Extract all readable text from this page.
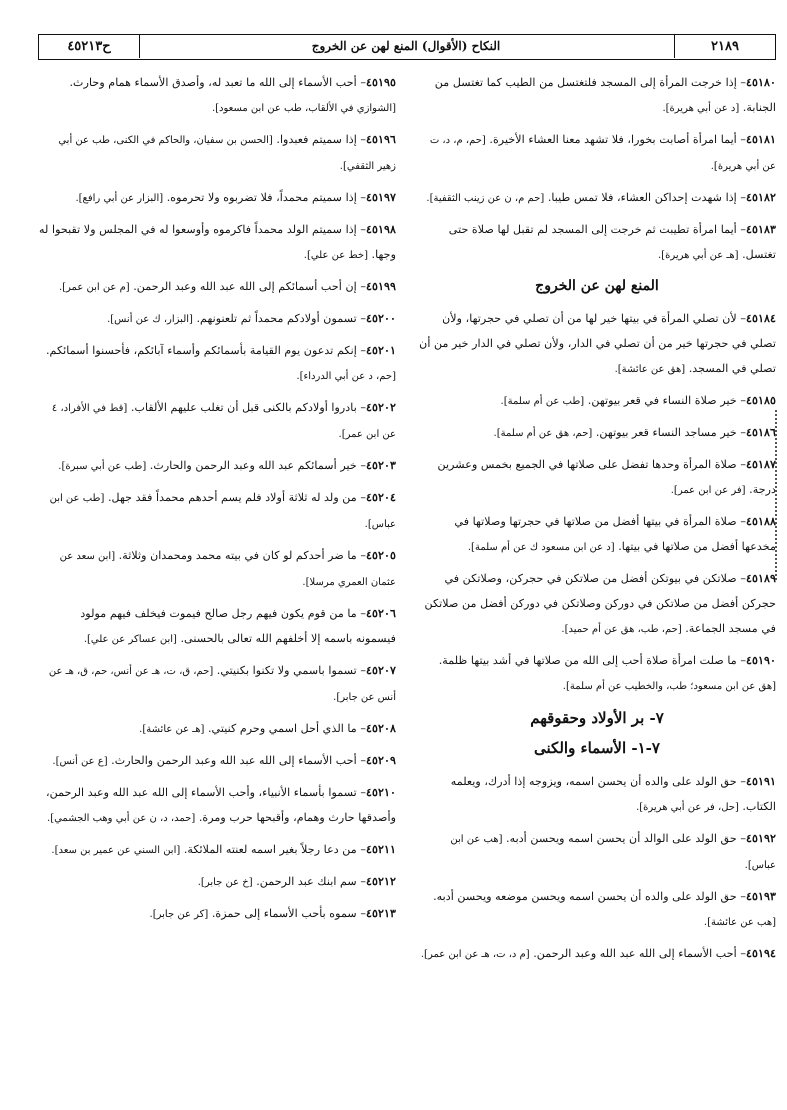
٢١٨٩
النكاح (الأقوال) المنع لهن عن الخروج
ح٤٥٢١٣

٤٥١٨٠– إذا خرجت المرأة إلى المسجد فلتغتسل من الطيب كما تغتسل من الجنابة. [د عن أبي هريرة].

٤٥١٨١– أيما امرأة أصابت بخورا، فلا تشهد معنا العشاء الأخيرة. [حم، م، د، ت عن أبي هريرة].

٤٥١٨٢– إذا شهدت إحداكن العشاء، فلا تمس طيبا. [حم م، ن عن زينب الثقفية].

٤٥١٨٣– أيما امرأة تطيبت ثم خرجت إلى المسجد لم تقبل لها صلاة حتى تغتسل. [هـ عن أبي هريرة].

المنع لهن عن الخروج

٤٥١٨٤– لأن تصلي المرأة في بيتها خير لها من أن تصلي في حجرتها، ولأن تصلي في حجرتها خير من أن تصلي في الدار، ولأن تصلي في الدار خير من أن تصلي في المسجد. [هق عن عائشة].

٤٥١٨٥– خير صلاة النساء في قعر بيوتهن. [طب عن أم سلمة].

٤٥١٨٦– خير مساجد النساء قعر بيوتهن. [حم، هق عن أم سلمة].

٤٥١٨٧– صلاة المرأة وحدها تفضل على صلاتها في الجميع بخمس وعشرين درجة. [فر عن ابن عمر].

٤٥١٨٨– صلاة المرأة في بيتها أفضل من صلاتها في حجرتها وصلاتها في مخدعها أفضل من صلاتها في بيتها. [د عن ابن مسعود ك عن أم سلمة].

٤٥١٨٩– صلاتكن في بيوتكن أفضل من صلاتكن في حجركن، وصلاتكن في حجركن أفضل من صلاتكن في دوركن وصلاتكن في دوركن أفضل من صلاتكن في مسجد الجماعة. [حم، طب، هق عن أم حميد].

٤٥١٩٠– ما صلت امرأة صلاة أحب إلى الله من صلاتها في أشد بيتها ظلمة. [هق عن ابن مسعود؛ طب، والخطيب عن أم سلمة].

٧- بر الأولاد وحقوقهم
٧-١- الأسماء والكنى

٤٥١٩١– حق الولد على والده أن يحسن اسمه، ويزوجه إذا أدرك، ويعلمه الكتاب. [حل، فر عن أبي هريرة].

٤٥١٩٢– حق الولد على الوالد أن يحسن اسمه ويحسن أدبه. [هب عن ابن عباس].

٤٥١٩٣– حق الولد على والده أن يحسن اسمه ويحسن موضعه ويحسن أدبه. [هب عن عائشة].

٤٥١٩٤– أحب الأسماء إلى الله عبد الله وعبد الرحمن. [م د، ت، هـ عن ابن عمر].

٤٥١٩٥– أحب الأسماء إلى الله ما تعبد له، وأصدق الأسماء همام وحارث. [الشوازي في الألقاب، طب عن ابن مسعود].

٤٥١٩٦– إذا سميتم فعبدوا. [الحسن بن سفيان، والحاكم في الكنى، طب عن أبي زهير الثقفي].

٤٥١٩٧– إذا سميتم محمداً، فلا تضربوه ولا تحرموه. [البزار عن أبي رافع].

٤٥١٩٨– إذا سميتم الولد محمداً فاكرموه وأوسعوا له في المجلس ولا تقبحوا له وجها. [خط عن علي].

٤٥١٩٩– إن أحب أسمائكم إلى الله عبد الله وعبد الرحمن. [م عن ابن عمر].

٤٥٢٠٠– تسمون أولادكم محمداً ثم تلعنونهم. [البزار، ك عن أنس].

٤٥٢٠١– إنكم تدعون يوم القيامة بأسمائكم وأسماء آبائكم، فأحسنوا أسمائكم. [حم، د عن أبي الدرداء].

٤٥٢٠٢– بادروا أولادكم بالكنى قبل أن تغلب عليهم الألقاب. [قط في الأفراد، ٤ عن ابن عمر].

٤٥٢٠٣– خير أسمائكم عبد الله وعبد الرحمن والحارث. [طب عن أبي سبرة].

٤٥٢٠٤– من ولد له ثلاثة أولاد فلم يسم أحدهم محمداً فقد جهل. [طب عن ابن عباس].

٤٥٢٠٥– ما ضر أحدكم لو كان في بيته محمد ومحمدان وثلاثة. [ابن سعد عن عثمان العمري مرسلا].

٤٥٢٠٦– ما من قوم يكون فيهم رجل صالح فيموت فيخلف فيهم مولود فيسمونه باسمه إلا أخلفهم الله تعالى بالحسنى. [ابن عساكر عن علي].

٤٥٢٠٧– تسموا باسمي ولا تكنوا بكنيتي. [حم، ق، ت، هـ عن أنس، حم، ق، هـ عن أنس عن جابر].

٤٥٢٠٨– ما الذي أحل اسمي وحرم كنيتي. [هـ عن عائشة].

٤٥٢٠٩– أحب الأسماء إلى الله عبد الله وعبد الرحمن والحارث. [ع عن أنس].

٤٥٢١٠– تسموا بأسماء الأنبياء، وأحب الأسماء إلى الله عبد الله وعبد الرحمن، وأصدقها حارث وهمام، وأقبحها حرب ومرة. [حمد، د، ن عن أبي وهب الجشمي].

٤٥٢١١– من دعا رجلاً بغير اسمه لعنته الملائكة. [ابن السني عن عمير بن سعد].

٤٥٢١٢– سم ابنك عبد الرحمن. [خ عن جابر].

٤٥٢١٣– سموه بأحب الأسماء إلى حمزة. [كر عن جابر].
